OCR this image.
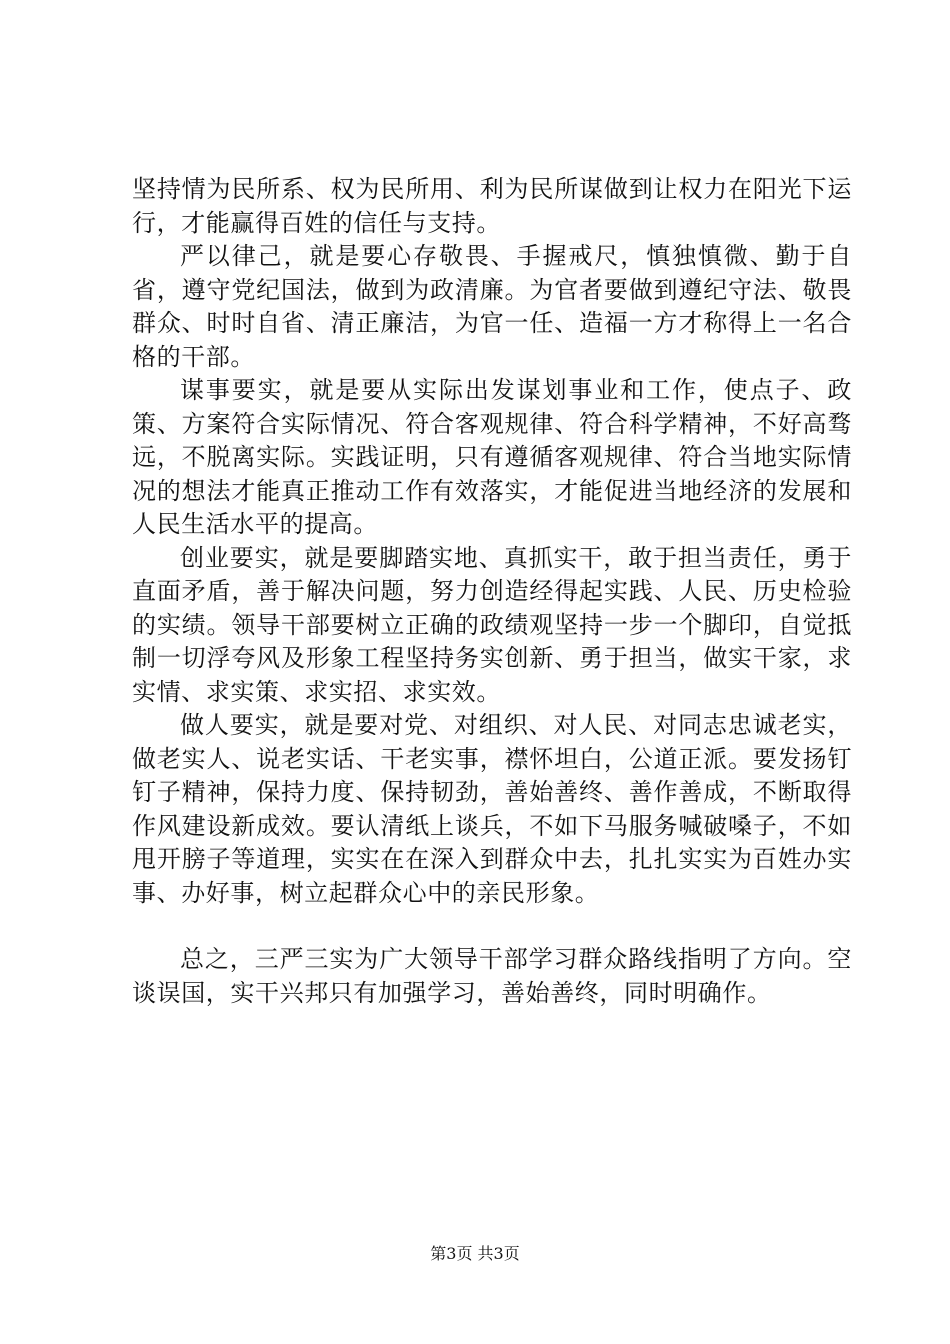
坚持情为民所系、权为民所用、利为民所谋做到让权力在阳光下运行，才能赢得百姓的信任与支持。

严以律己，就是要心存敬畏、手握戒尺，慎独慎微、勤于自省，遵守党纪国法，做到为政清廉。为官者要做到遵纪守法、敬畏群众、时时自省、清正廉洁，为官一任、造福一方才称得上一名合格的干部。

谋事要实，就是要从实际出发谋划事业和工作，使点子、政策、方案符合实际情况、符合客观规律、符合科学精神，不好高骛远，不脱离实际。实践证明，只有遵循客观规律、符合当地实际情况的想法才能真正推动工作有效落实，才能促进当地经济的发展和人民生活水平的提高。

创业要实，就是要脚踏实地、真抓实干，敢于担当责任，勇于直面矛盾，善于解决问题，努力创造经得起实践、人民、历史检验的实绩。领导干部要树立正确的政绩观坚持一步一个脚印，自觉抵制一切浮夸风及形象工程坚持务实创新、勇于担当，做实干家，求实情、求实策、求实招、求实效。

做人要实，就是要对党、对组织、对人民、对同志忠诚老实，做老实人、说老实话、干老实事，襟怀坦白，公道正派。要发扬钉钉子精神，保持力度、保持韧劲，善始善终、善作善成，不断取得作风建设新成效。要认清纸上谈兵，不如下马服务喊破嗓子，不如甩开膀子等道理，实实在在深入到群众中去，扎扎实实为百姓办实事、办好事，树立起群众心中的亲民形象。

总之，三严三实为广大领导干部学习群众路线指明了方向。空谈误国，实干兴邦只有加强学习，善始善终，同时明确作。

第3页 共3页
